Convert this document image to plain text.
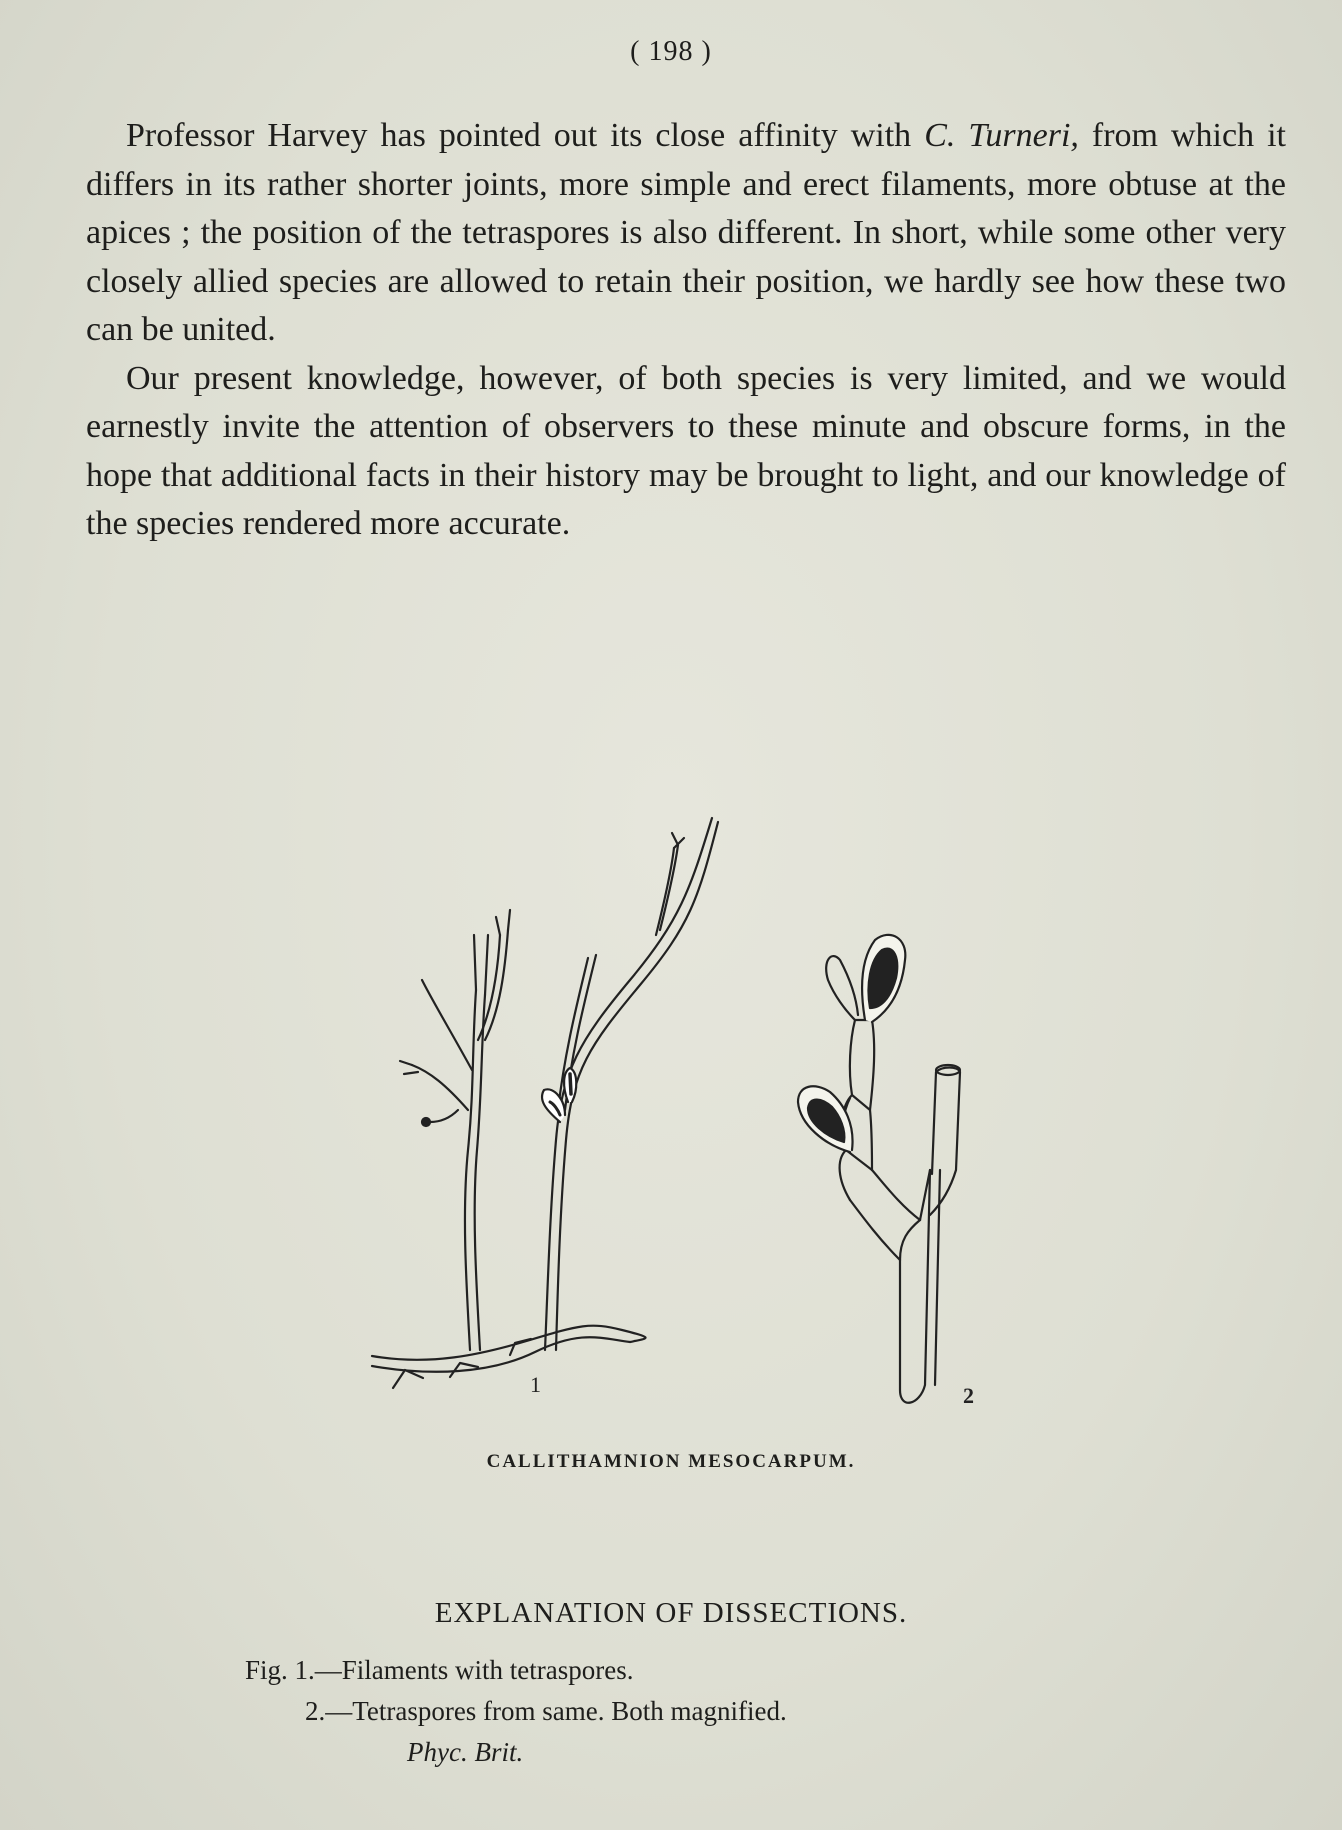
( 198 )

Professor Harvey has pointed out its close affinity with C. Turneri, from which it differs in its rather shorter joints, more simple and erect filaments, more obtuse at the apices ; the position of the tetraspores is also different. In short, while some other very closely allied species are allowed to retain their position, we hardly see how these two can be united.

Our present knowledge, however, of both species is very limited, and we would earnestly invite the attention of observers to these minute and obscure forms, in the hope that additional facts in their history may be brought to light, and our knowledge of the species rendered more accurate.

1	2
CALLITHAMNION MESOCARPUM.
EXPLANATION OF DISSECTIONS.
Fig. 1.—Filaments with tetraspores.
2.—Tetraspores from same. Both magnified.
Phyc. Brit.
